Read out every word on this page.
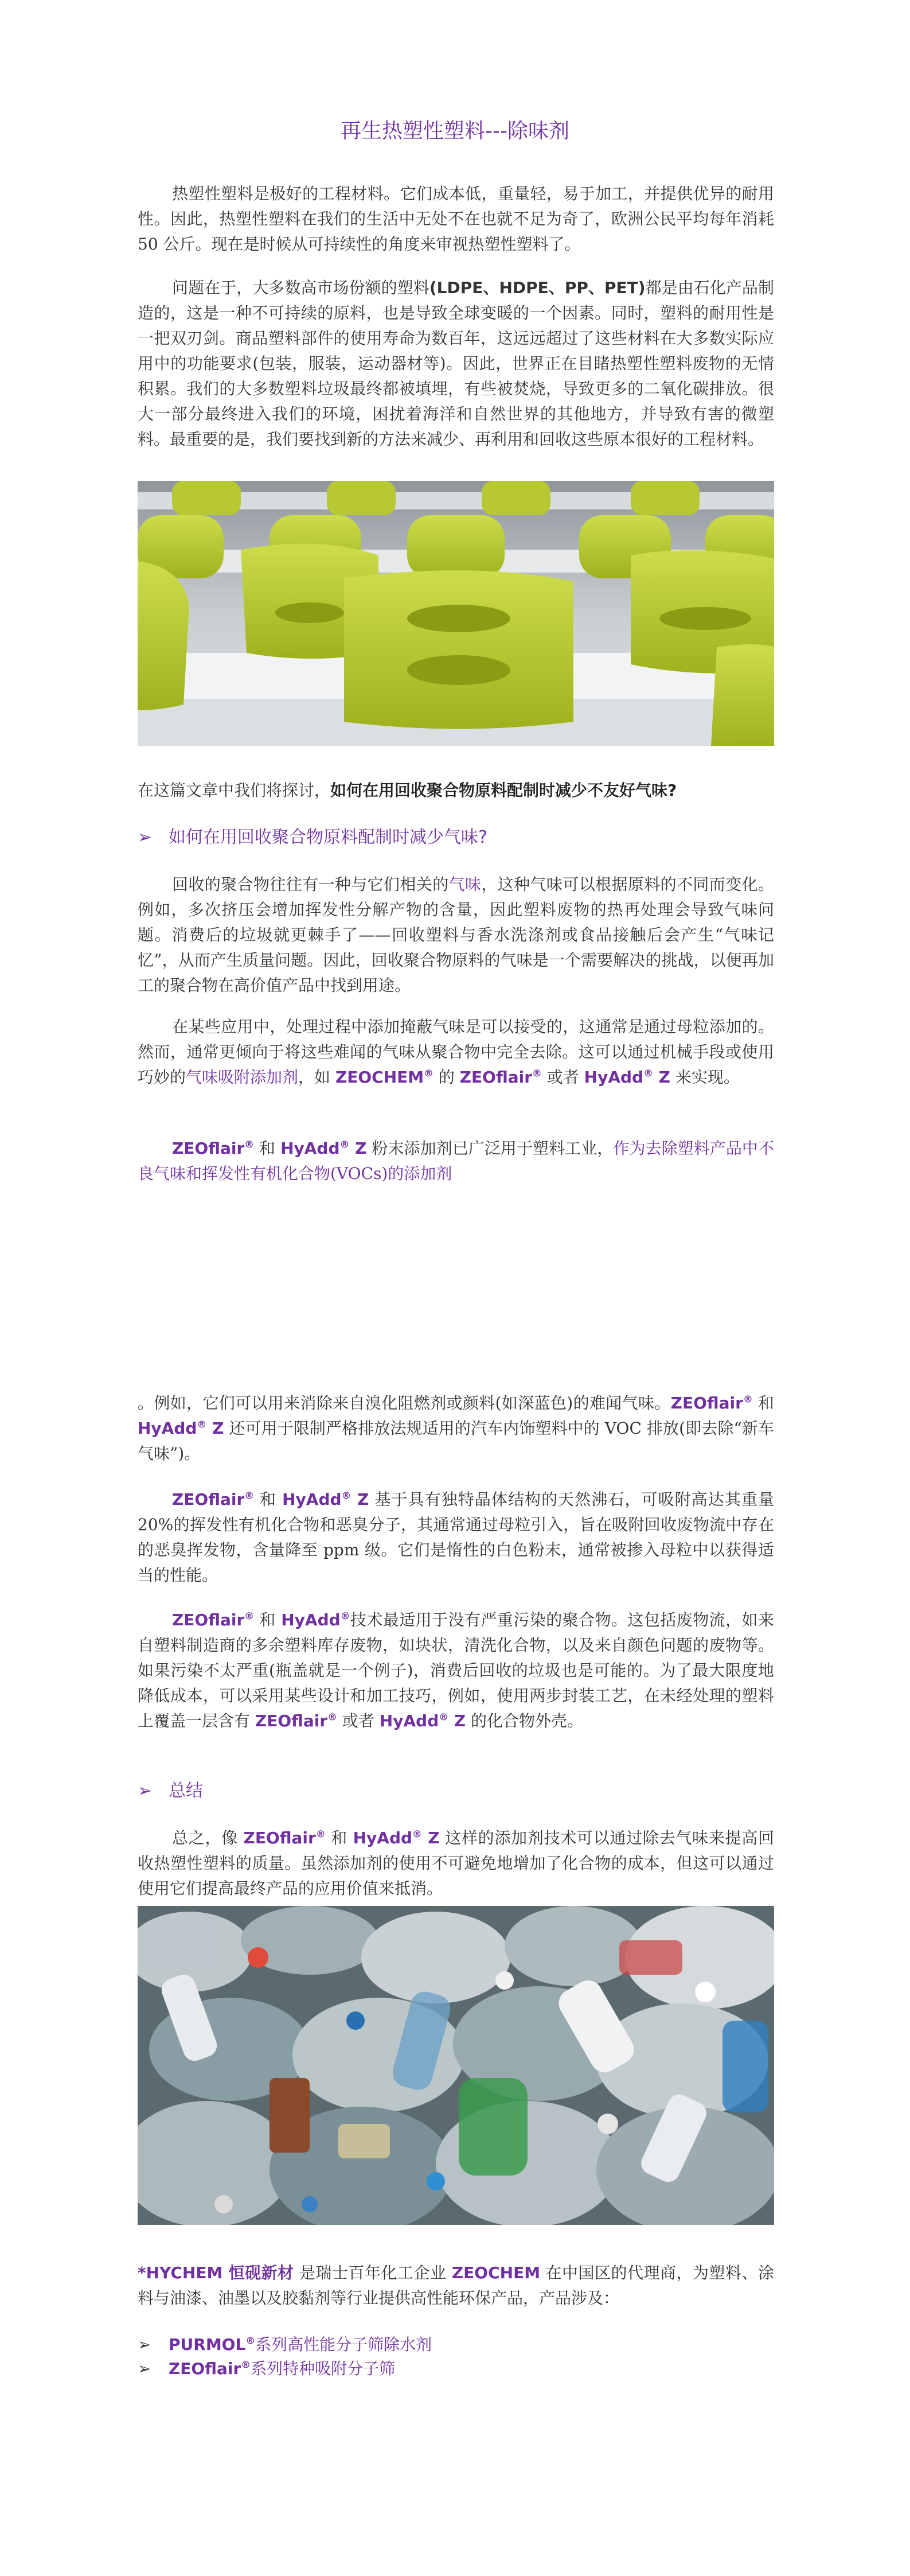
再生热塑性塑料---除味剂

热塑性塑料是极好的工程材料。它们成本低，重量轻，易于加工，并提供优异的耐用性。因此，热塑性塑料在我们的生活中无处不在也就不足为奇了，欧洲公民平均每年消耗 50 公斤。现在是时候从可持续性的角度来审视热塑性塑料了。

问题在于，大多数高市场份额的塑料(LDPE、HDPE、PP、PET)都是由石化产品制造的，这是一种不可持续的原料，也是导致全球变暖的一个因素。同时，塑料的耐用性是一把双刃剑。商品塑料部件的使用寿命为数百年，这远远超过了这些材料在大多数实际应用中的功能要求(包装，服装，运动器材等)。因此，世界正在目睹热塑性塑料废物的无情积累。我们的大多数塑料垃圾最终都被填埋，有些被焚烧，导致更多的二氧化碳排放。很大一部分最终进入我们的环境，困扰着海洋和自然世界的其他地方，并导致有害的微塑料。最重要的是，我们要找到新的方法来减少、再利用和回收这些原本很好的工程材料。

在这篇文章中我们将探讨，如何在用回收聚合物原料配制时减少不友好气味?

➢ 如何在用回收聚合物原料配制时减少气味?

回收的聚合物往往有一种与它们相关的气味，这种气味可以根据原料的不同而变化。例如，多次挤压会增加挥发性分解产物的含量，因此塑料废物的热再处理会导致气味问题。消费后的垃圾就更棘手了——回收塑料与香水洗涤剂或食品接触后会产生“气味记忆”，从而产生质量问题。因此，回收聚合物原料的气味是一个需要解决的挑战，以便再加工的聚合物在高价值产品中找到用途。

在某些应用中，处理过程中添加掩蔽气味是可以接受的，这通常是通过母粒添加的。然而，通常更倾向于将这些难闻的气味从聚合物中完全去除。这可以通过机械手段或使用巧妙的气味吸附添加剂，如 ZEOCHEM® 的 ZEOflair® 或者 HyAdd® Z 来实现。

ZEOflair® 和 HyAdd® Z 粉末添加剂已广泛用于塑料工业，作为去除塑料产品中不良气味和挥发性有机化合物(VOCs)的添加剂

。例如，它们可以用来消除来自溴化阻燃剂或颜料(如深蓝色)的难闻气味。ZEOflair® 和 HyAdd® Z 还可用于限制严格排放法规适用的汽车内饰塑料中的 VOC 排放(即去除“新车气味”)。

ZEOflair® 和 HyAdd® Z 基于具有独特晶体结构的天然沸石，可吸附高达其重量 20%的挥发性有机化合物和恶臭分子，其通常通过母粒引入，旨在吸附回收废物流中存在的恶臭挥发物，含量降至 ppm 级。它们是惰性的白色粉末，通常被掺入母粒中以获得适当的性能。

ZEOflair® 和 HyAdd®技术最适用于没有严重污染的聚合物。这包括废物流，如来自塑料制造商的多余塑料库存废物，如块状，清洗化合物，以及来自颜色问题的废物等。如果污染不太严重(瓶盖就是一个例子)，消费后回收的垃圾也是可能的。为了最大限度地降低成本，可以采用某些设计和加工技巧，例如，使用两步封装工艺，在未经处理的塑料上覆盖一层含有 ZEOflair® 或者 HyAdd® Z 的化合物外壳。

➢ 总结

总之，像 ZEOflair® 和 HyAdd® Z 这样的添加剂技术可以通过除去气味来提高回收热塑性塑料的质量。虽然添加剂的使用不可避免地增加了化合物的成本，但这可以通过使用它们提高最终产品的应用价值来抵消。

*HYCHEM 恒砚新材 是瑞士百年化工企业 ZEOCHEM 在中国区的代理商，为塑料、涂料与油漆、油墨以及胶黏剂等行业提供高性能环保产品，产品涉及：

➢ PURMOL®系列高性能分子筛除水剂
➢ ZEOflair®系列特种吸附分子筛
